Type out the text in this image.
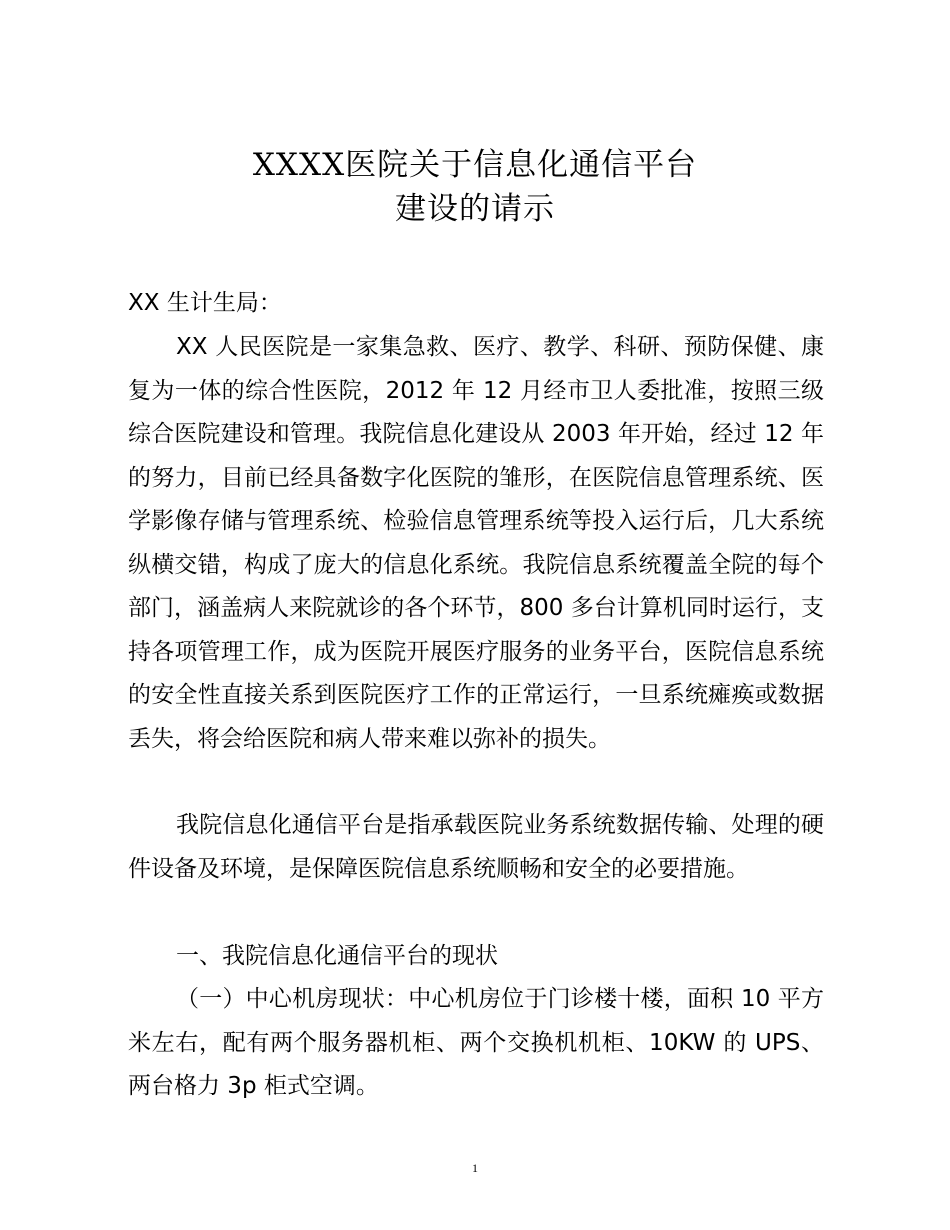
XXXX医院关于信息化通信平台
建设的请示
XX 生计生局：
XX 人民医院是一家集急救、医疗、教学、科研、预防保健、康复为一体的综合性医院，2012 年 12 月经市卫人委批准，按照三级综合医院建设和管理。我院信息化建设从 2003 年开始，经过 12 年的努力，目前已经具备数字化医院的雏形，在医院信息管理系统、医学影像存储与管理系统、检验信息管理系统等投入运行后，几大系统纵横交错，构成了庞大的信息化系统。我院信息系统覆盖全院的每个部门，涵盖病人来院就诊的各个环节，800 多台计算机同时运行，支持各项管理工作，成为医院开展医疗服务的业务平台，医院信息系统的安全性直接关系到医院医疗工作的正常运行，一旦系统瘫痪或数据丢失，将会给医院和病人带来难以弥补的损失。
我院信息化通信平台是指承载医院业务系统数据传输、处理的硬件设备及环境，是保障医院信息系统顺畅和安全的必要措施。
一、我院信息化通信平台的现状
（一）中心机房现状：中心机房位于门诊楼十楼，面积 10 平方米左右，配有两个服务器机柜、两个交换机机柜、10KW 的 UPS、两台格力 3p 柜式空调。
1
